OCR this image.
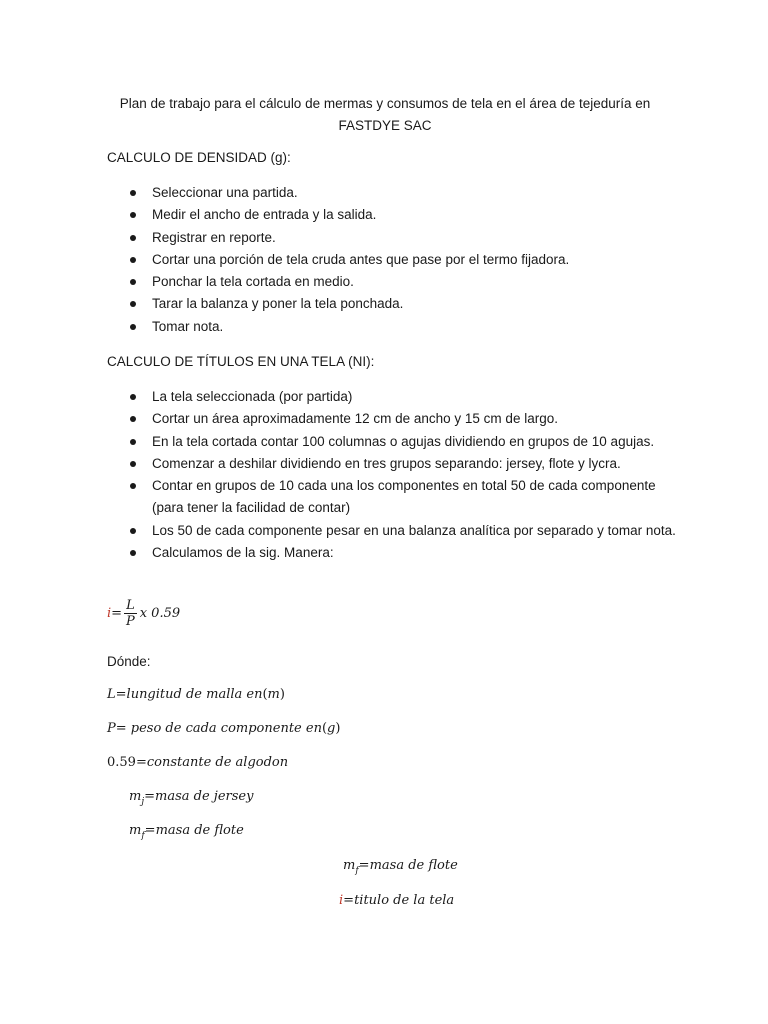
Plan de trabajo para el cálculo de mermas y consumos de tela en el área de tejeduría en FASTDYE SAC
CALCULO DE DENSIDAD (g):
Seleccionar una partida.
Medir el ancho de entrada y la salida.
Registrar en reporte.
Cortar una porción de tela cruda antes que pase por el termo fijadora.
Ponchar la tela cortada en medio.
Tarar la balanza y poner la tela ponchada.
Tomar nota.
CALCULO DE TÍTULOS EN UNA TELA (NI):
La tela seleccionada (por partida)
Cortar un área aproximadamente 12 cm de ancho y 15 cm de largo.
En la tela cortada contar 100 columnas o agujas dividiendo en grupos de 10 agujas.
Comenzar a deshilar dividiendo en tres grupos separando: jersey, flote y lycra.
Contar en grupos de 10 cada una los componentes en total 50 de cada componente (para tener la facilidad de contar)
Los 50 de cada componente pesar en una balanza analítica por separado y tomar nota.
Calculamos de la sig. Manera:
$i= \frac{L}{P}$ x 0.59

Dónde:

L=lungitud de malla en(m)
P= peso de cada componente en(g)
0.59=constante de algodon
$m_j=masa$ de jersey
$m_f=masa$ de flote
$m_f=masa$ de flote
i=titulo de la tela
